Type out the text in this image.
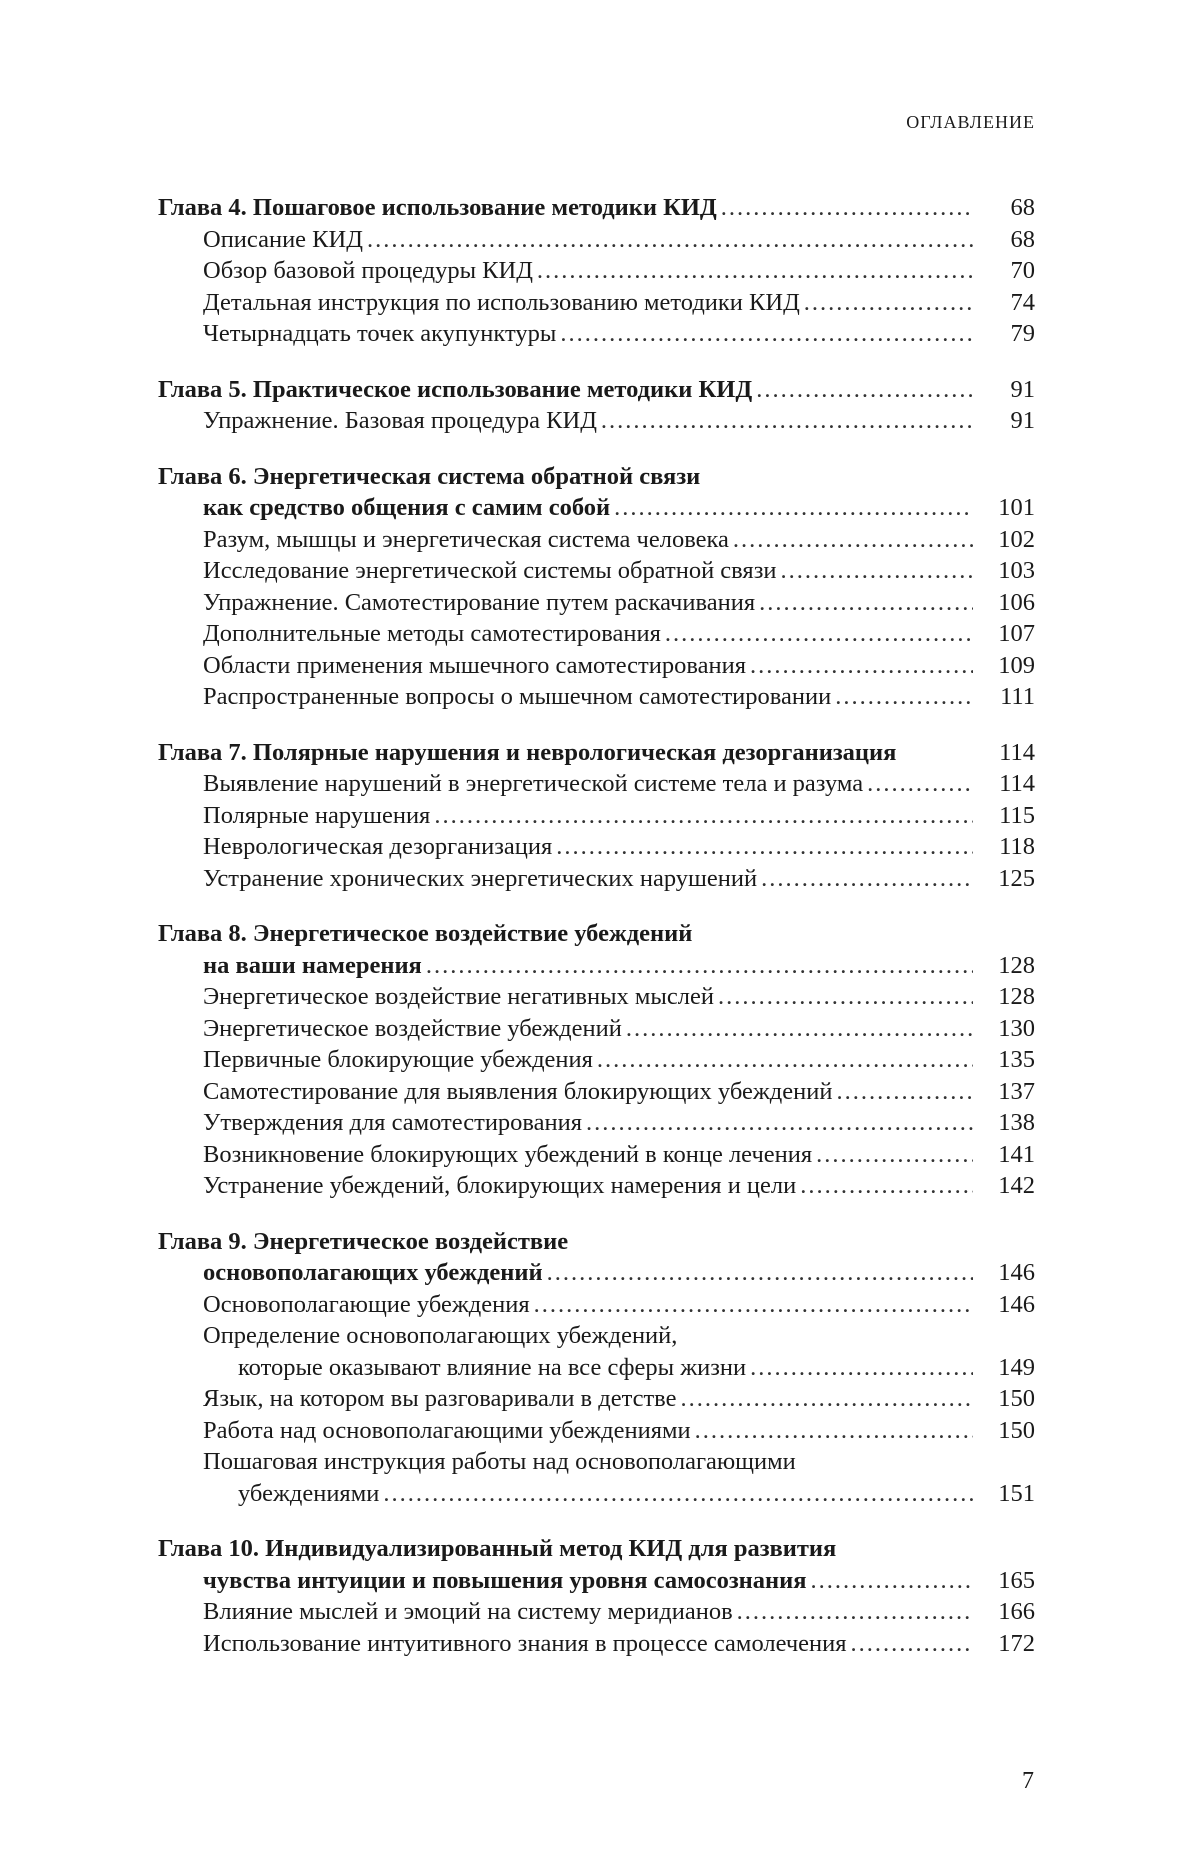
ОГЛАВЛЕНИЕ
Глава 4. Пошаговое использование методики КИД .....	68
Описание КИД .....	68
Обзор базовой процедуры КИД .....	70
Детальная инструкция по использованию методики КИД .....	74
Четырнадцать точек акупунктуры .....	79
Глава 5. Практическое использование методики КИД .....	91
Упражнение. Базовая процедура КИД .....	91
Глава 6. Энергетическая система обратной связи
как средство общения с самим собой .....	101
Разум, мышцы и энергетическая система человека .....	102
Исследование энергетической системы обратной связи .....	103
Упражнение. Самотестирование путем раскачивания .....	106
Дополнительные методы самотестирования .....	107
Области применения мышечного самотестирования .....	109
Распространенные вопросы о мышечном самотестировании .....	111
Глава 7. Полярные нарушения и неврологическая дезорганизация	114
Выявление нарушений в энергетической системе тела и разума .....	114
Полярные нарушения .....	115
Неврологическая дезорганизация .....	118
Устранение хронических энергетических нарушений .....	125
Глава 8. Энергетическое воздействие убеждений
на ваши намерения .....	128
Энергетическое воздействие негативных мыслей .....	128
Энергетическое воздействие убеждений .....	130
Первичные блокирующие убеждения .....	135
Самотестирование для выявления блокирующих убеждений .....	137
Утверждения для самотестирования .....	138
Возникновение блокирующих убеждений в конце лечения .....	141
Устранение убеждений, блокирующих намерения и цели .....	142
Глава 9. Энергетическое воздействие
основополагающих убеждений .....	146
Основополагающие убеждения .....	146
Определение основополагающих убеждений,
которые оказывают влияние на все сферы жизни .....	149
Язык, на котором вы разговаривали в детстве .....	150
Работа над основополагающими убеждениями .....	150
Пошаговая инструкция работы над основополагающими
убеждениями .....	151
Глава 10. Индивидуализированный метод КИД для развития
чувства интуиции и повышения уровня самосознания .....	165
Влияние мыслей и эмоций на систему меридианов .....	166
Использование интуитивного знания в процессе самолечения .....	172
7
